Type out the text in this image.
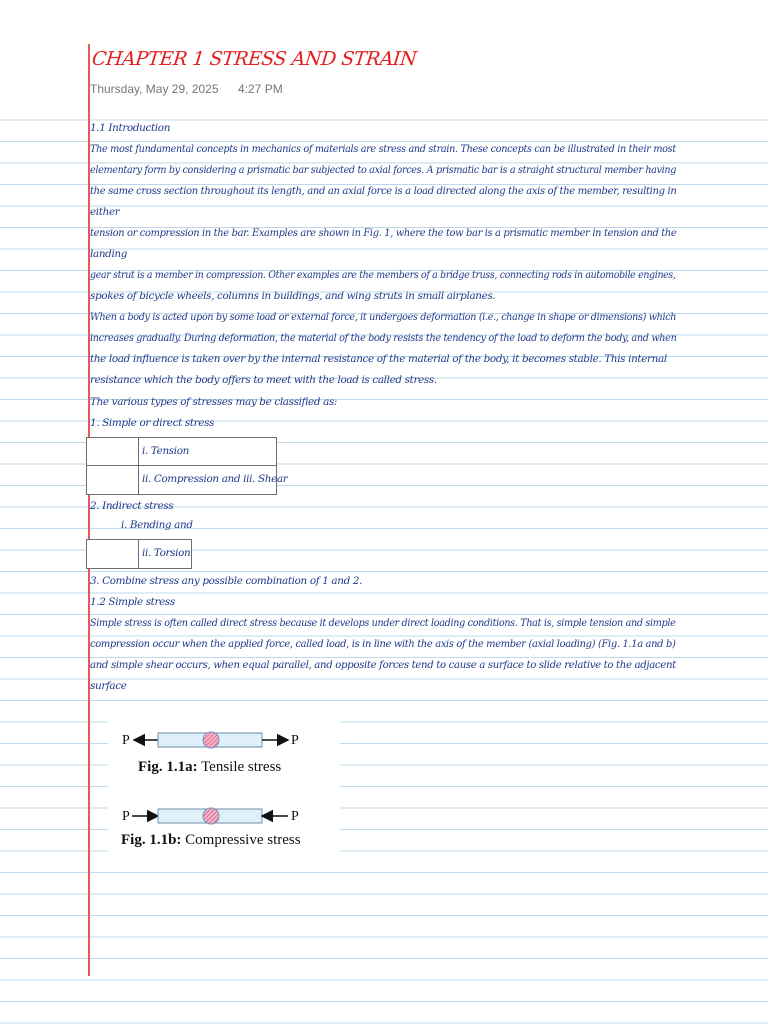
CHAPTER 1 STRESS AND STRAIN
Thursday, May 29, 2025 4:27 PM
1.1 Introduction
The most fundamental concepts in mechanics of materials are stress and strain. These concepts can be illustrated in their most
elementary form by considering a prismatic bar subjected to axial forces. A prismatic bar is a straight structural member having
the same cross section throughout its length, and an axial force is a load directed along the axis of the member, resulting in
either
tension or compression in the bar. Examples are shown in Fig. 1, where the tow bar is a prismatic member in tension and the
landing
gear strut is a member in compression. Other examples are the members of a bridge truss, connecting rods in automobile engines,
spokes of bicycle wheels, columns in buildings, and wing struts in small airplanes.
When a body is acted upon by some load or external force, it undergoes deformation (i.e., change in shape or dimensions) which
increases gradually. During deformation, the material of the body resists the tendency of the load to deform the body, and when
the load influence is taken over by the internal resistance of the material of the body, it becomes stable. This internal
resistance which the body offers to meet with the load is called stress.
The various types of stresses may be classified as:
1. Simple or direct stress
i. Tension
ii. Compression and iii. Shear
2. Indirect stress
i. Bending and
ii. Torsion
3. Combine stress any possible combination of 1 and 2.
1.2 Simple stress
Simple stress is often called direct stress because it develops under direct loading conditions. That is, simple tension and simple
compression occur when the applied force, called load, is in line with the axis of the member (axial loading) (Fig. 1.1a and b)
and simple shear occurs, when equal parallel, and opposite forces tend to cause a surface to slide relative to the adjacent
surface
P	P
Fig. 1.1a: Tensile stress
P	P
Fig. 1.1b: Compressive stress
